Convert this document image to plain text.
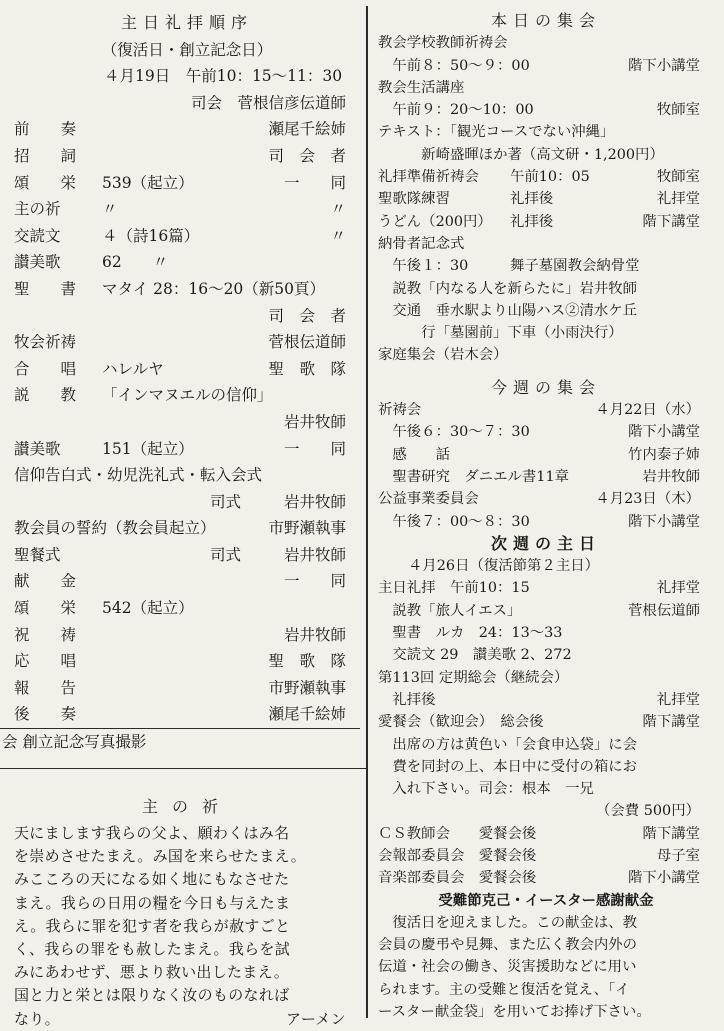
主日礼拝順序
（復活日・創立記念日）
４月19日　午前10：15～11：30
司会　菅根信彦伝道師
前　　奏	瀬尾千絵姉
招　　詞	司　会　者
頌　　栄 539（起立）	一　　同
主の祈	〃	〃
交読文	４（詩16篇）	〃
讃美歌	62　　〃
聖　　書 マタイ 28：16～20（新50頁）
司　会　者
牧会祈祷	菅根伝道師
合　　唱 ハレルヤ	聖　歌　隊
説　　教 「インマヌエルの信仰」
岩井牧師
讃美歌	151（起立）	一　　同
信仰告白式・幼児洗礼式・転入会式
司式	岩井牧師
教会員の誓約（教会員起立）	市野瀬執事
聖餐式	司式	岩井牧師
献　　金	一　　同
頌　　栄 542（起立）
祝　　祷	岩井牧師
応　　唱	聖　歌　隊
報　　告	市野瀬執事
後　　奏	瀬尾千絵姉
会 創立記念写真撮影
主の祈
天にまします我らの父よ、願わくはみ名
を崇めさせたまえ。み国を来らせたまえ。
みこころの天になる如く地にもなさせた
まえ。我らの日用の糧を今日も与えたま
え。我らに罪を犯す者を我らが赦すごと
く、我らの罪をも赦したまえ。我らを試
みにあわせず、悪より救い出したまえ。
国と力と栄とは限りなく汝のものなれば
なり。	アーメン
本日の集会
教会学校教師祈祷会
　午前８：50～９：00	階下小講堂
教会生活講座
　午前９：20～10：00	牧師室
テキスト：「観光コースでない沖縄」
　　　新崎盛暉ほか著（高文研・1,200円）
礼拝準備祈祷会 午前10：05	牧師室
聖歌隊練習	礼拝後	礼拝堂
うどん（200円） 礼拝後	階下講堂
納骨者記念式
　午後１：30	舞子墓園教会納骨堂
　説教「内なる人を新らたに」岩井牧師
　交通　垂水駅より山陽ハス②清水ケ丘
　　　行「墓園前」下車（小雨決行）
家庭集会（岩木会）
今週の集会
祈祷会	４月22日（水）
　午後６：30～７：30	階下小講堂
　感　　話	竹内泰子姉
　聖書研究　ダニエル書11章	岩井牧師
公益事業委員会	４月23日（木）
　午後７：00～８：30	階下小講堂
次週の主日
４月26日（復活節第２主日）
主日礼拝　午前10：15	礼拝堂
　説教「旅人イエス」	菅根伝道師
　聖書　ルカ　24：13～33
　交読文 29　讃美歌 2、272
第113回 定期総会（継続会）
　礼拝後	礼拝堂
愛餐会（歓迎会）　総会後	階下講堂
　出席の方は黄色い「会食申込袋」に会
　費を同封の上、本日中に受付の箱にお
　入れ下さい。司会：根本　一兄
（会費 500円）
ＣＳ教師会　　愛餐会後	階下講堂
会報部委員会　愛餐会後	母子室
音楽部委員会　愛餐会後	階下小講堂
受難節克己・イースター感謝献金
　復活日を迎えました。この献金は、教
会員の慶弔や見舞、また広く教会内外の
伝道・社会の働き、災害援助などに用い
られます。主の受難と復活を覚え、「イ
ースター献金袋」を用いてお捧げ下さい。
